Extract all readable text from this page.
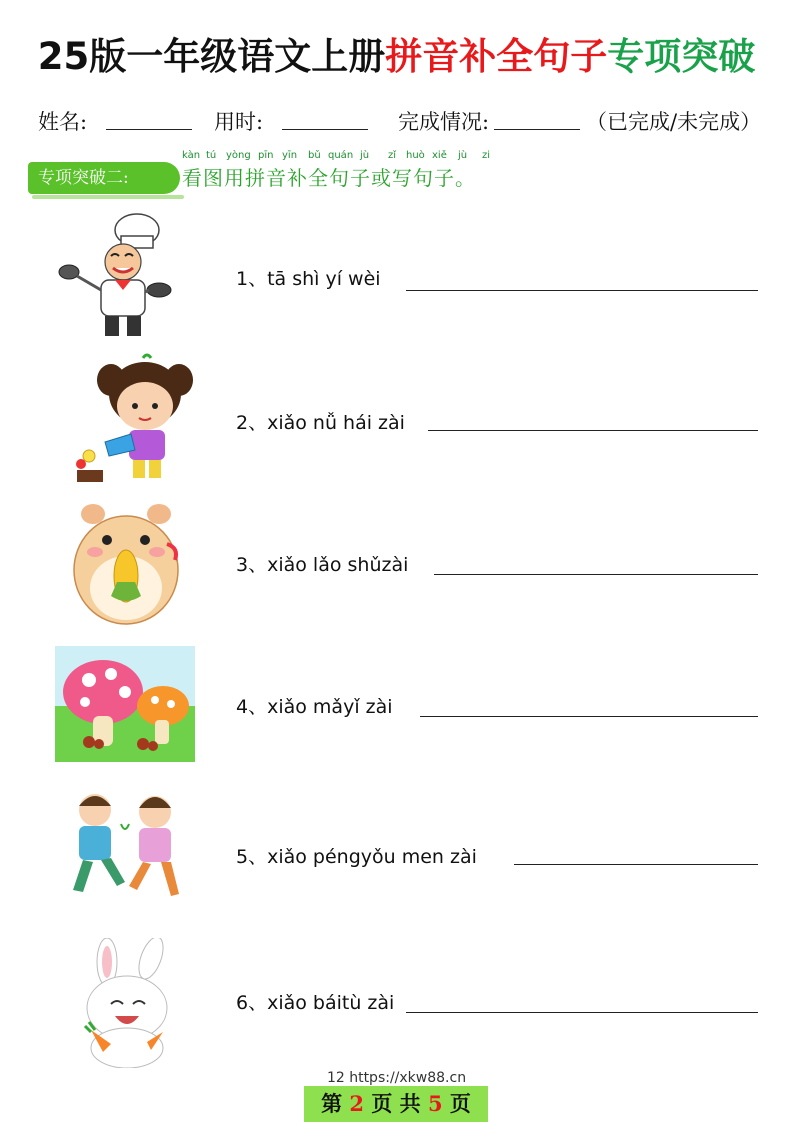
25版一年级语文上册拼音补全句子专项突破
姓名:	用时:	完成情况:	（已完成/未完成）
专项突破二:
kàn tú yòng pīn yīn bǔ quán jù zǐ huò xiě jù zi
看图用拼音补全句子或写句子。
1、tā shì yí wèi
2、xiǎo nǚ hái zài
3、xiǎo lǎo shǔzài
4、xiǎo mǎyǐ zài
5、xiǎo péngyǒu men zài
6、xiǎo báitù zài
12 https://xkw88.cn
第 2 页 共 5 页
